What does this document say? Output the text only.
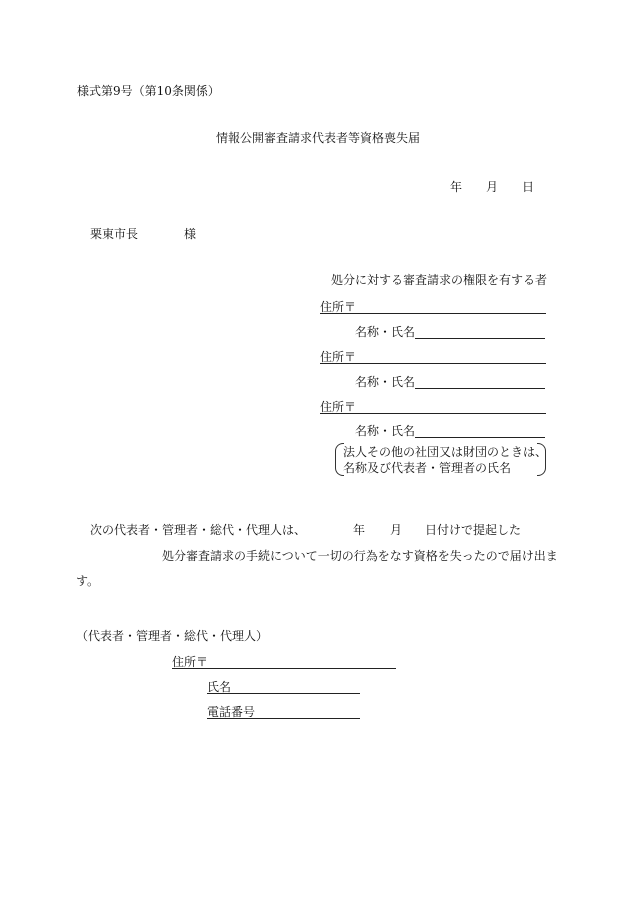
様式第9号（第10条関係）
情報公開審査請求代表者等資格喪失届
年 月 日
栗東市長	様
処分に対する審査請求の権限を有する者
住所〒
名称・氏名
住所〒
名称・氏名
住所〒
名称・氏名
法人その他の社団又は財団のときは、
名称及び代表者・管理者の氏名
次の代表者・管理者・総代・代理人は、	年 月 日付けで提起した
処分審査請求の手続について一切の行為をなす資格を失ったので届け出ま
す。
（代表者・管理者・総代・代理人）
住所〒
氏名
電話番号
